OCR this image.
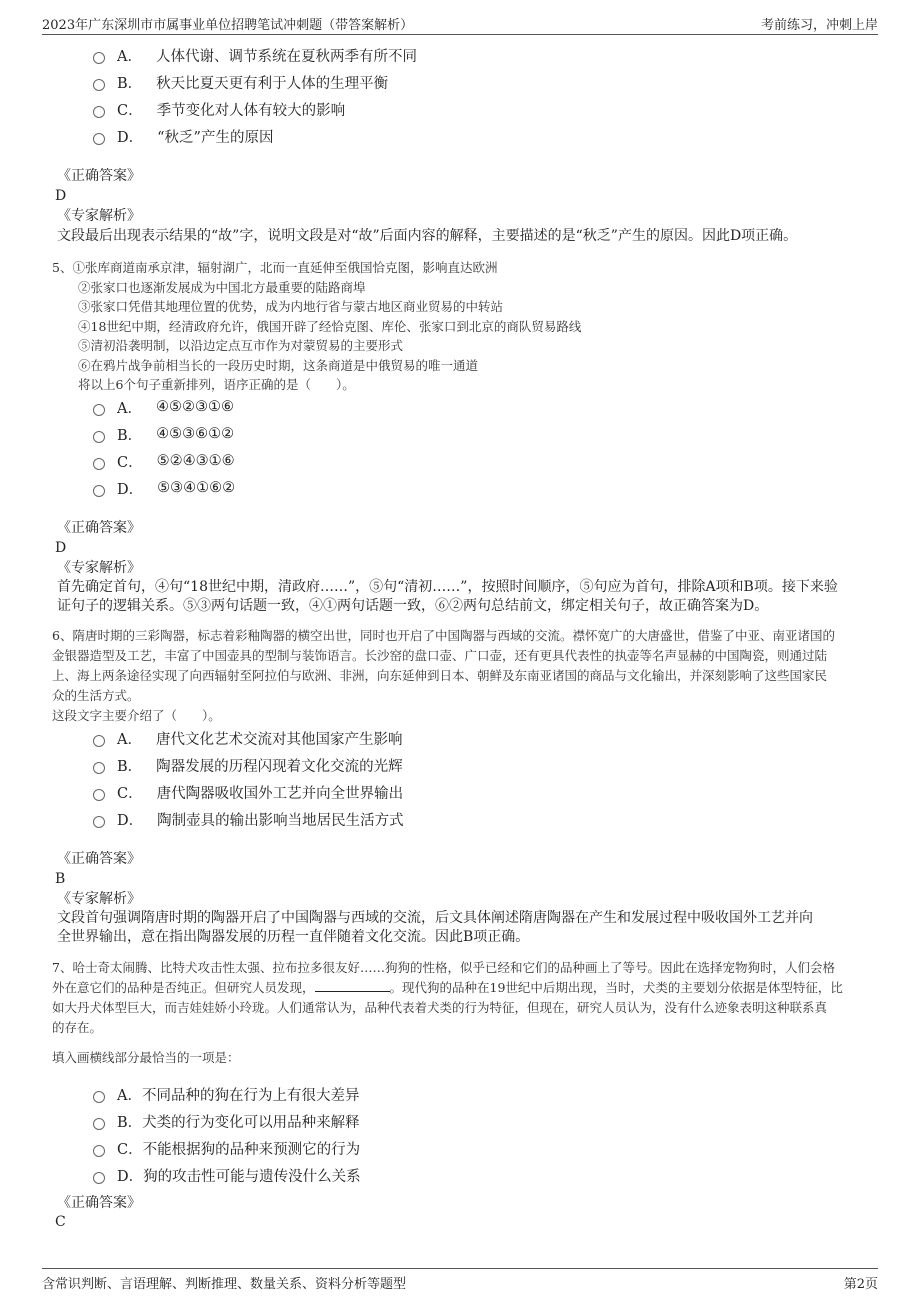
2023年广东深圳市市属事业单位招聘笔试冲刺题（带答案解析）	考前练习，冲刺上岸
A． 人体代谢、调节系统在夏秋两季有所不同
B． 秋天比夏天更有利于人体的生理平衡
C． 季节变化对人体有较大的影响
D． “秋乏”产生的原因
《正确答案》
D
《专家解析》
文段最后出现表示结果的“故”字，说明文段是对“故”后面内容的解释，主要描述的是“秋乏”产生的原因。因此D项正确。
5、①张库商道南承京津，辐射湖广，北而一直延伸至俄国恰克图，影响直达欧洲
②张家口也逐渐发展成为中国北方最重要的陆路商埠
③张家口凭借其地理位置的优势，成为内地行省与蒙古地区商业贸易的中转站
④18世纪中期，经清政府允许，俄国开辟了经恰克图、库伦、张家口到北京的商队贸易路线
⑤清初沿袭明制，以沿边定点互市作为对蒙贸易的主要形式
⑥在鸦片战争前相当长的一段历史时期，这条商道是中俄贸易的唯一通道
将以上6个句子重新排列，语序正确的是（　　）。
A． ④⑤②③①⑥
B． ④⑤③⑥①②
C． ⑤②④③①⑥
D． ⑤③④①⑥②
《正确答案》
D
《专家解析》
首先确定首句，④句“18世纪中期，清政府……”，⑤句“清初……”，按照时间顺序，⑤句应为首句，排除A项和B项。接下来验
证句子的逻辑关系。⑤③两句话题一致，④①两句话题一致，⑥②两句总结前文，绑定相关句子，故正确答案为D。
6、隋唐时期的三彩陶器，标志着彩釉陶器的横空出世，同时也开启了中国陶器与西域的交流。襟怀宽广的大唐盛世，借鉴了中亚、南亚诸国的
金银器造型及工艺，丰富了中国壶具的型制与装饰语言。长沙窑的盘口壶、广口壶，还有更具代表性的执壶等名声显赫的中国陶瓷，则通过陆
上、海上两条途径实现了向西辐射至阿拉伯与欧洲、非洲，向东延伸到日本、朝鲜及东南亚诸国的商品与文化输出，并深刻影响了这些国家民
众的生活方式。
这段文字主要介绍了（　　）。
A． 唐代文化艺术交流对其他国家产生影响
B． 陶器发展的历程闪现着文化交流的光辉
C． 唐代陶器吸收国外工艺并向全世界输出
D． 陶制壶具的输出影响当地居民生活方式
《正确答案》
B
《专家解析》
文段首句强调隋唐时期的陶器开启了中国陶器与西域的交流，后文具体阐述隋唐陶器在产生和发展过程中吸收国外工艺并向
全世界输出，意在指出陶器发展的历程一直伴随着文化交流。因此B项正确。
7、哈士奇太闹腾、比特犬攻击性太强、拉布拉多很友好……狗狗的性格，似乎已经和它们的品种画上了等号。因此在选择宠物狗时，人们会格
外在意它们的品种是否纯正。但研究人员发现，	。现代狗的品种在19世纪中后期出现，当时，犬类的主要划分依据是体型特征，比
如大丹犬体型巨大，而吉娃娃娇小玲珑。人们通常认为，品种代表着犬类的行为特征，但现在，研究人员认为，没有什么迹象表明这种联系真
的存在。
填入画横线部分最恰当的一项是：
A． 不同品种的狗在行为上有很大差异
B． 犬类的行为变化可以用品种来解释
C． 不能根据狗的品种来预测它的行为
D． 狗的攻击性可能与遗传没什么关系
《正确答案》
C
含常识判断、言语理解、判断推理、数量关系、资料分析等题型	第2页
